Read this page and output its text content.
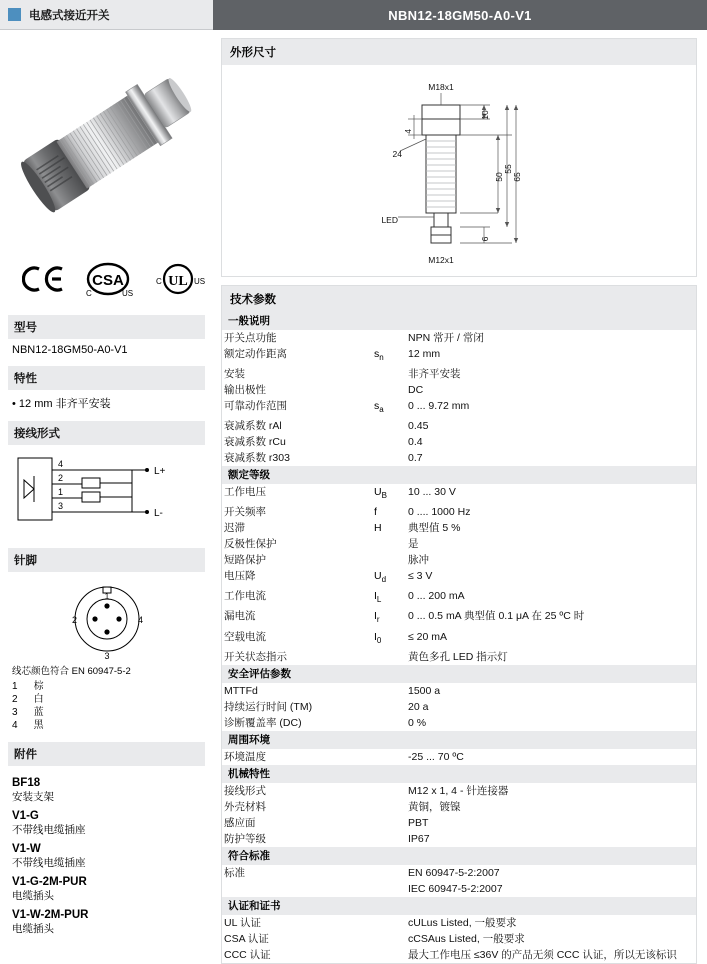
电感式接近开关	NBN12-18GM50-A0-V1
CSA
C	US
UL
C	US
型号
NBN12-18GM50-A0-V1
特性
• 12 mm 非齐平安装
接线形式
L+
L-
4
2
1
3
针脚
1
2	4
3
线芯颜色符合 EN 60947-5-2
1	棕
2	白
3	蓝
4	黑
附件
BF18
安装支架
V1-G
不带线电缆插座
V1-W
不带线电缆插座
V1-G-2M-PUR
电缆插头
V1-W-2M-PUR
电缆插头
外形尺寸
M18x1
M12x1
LED
10
4
24
50
55
65
6
技术参数
一般说明		
开关点功能		NPN 常开 / 常闭
额定动作距离	$s_n$	12 mm
安装		非齐平安装
输出极性		DC
可靠动作范围	$s_a$	0 ... 9.72 mm
衰减系数 rAl		0.45
衰减系数 rCu		0.4
衰减系数 r303		0.7
额定等级		
工作电压	$U_B$	10 ... 30 V
开关频率	f	0 .... 1000 Hz
迟滞	H	典型值 5 %
反极性保护		是
短路保护		脉冲
电压降	$U_d$	≤ 3 V
工作电流	$I_L$	0 ... 200 mA
漏电流	$I_r$	0 ... 0.5 mA 典型值 0.1 μA 在 25 ºC 时
空载电流	$I_0$	≤ 20 mA
开关状态指示		黄色多孔 LED 指示灯
安全评估参数		
MTTFd		1500 a
持续运行时间 (TM)		20 a
诊断覆盖率 (DC)		0 %
周围环境		
环境温度		-25 ... 70 ºC
机械特性		
接线形式		M12 x 1, 4 - 针连接器
外壳材料		黄铜，镀镍
感应面		PBT
防护等级		IP67
符合标准		
标准		EN 60947-5-2:2007
		IEC 60947-5-2:2007
认证和证书		
UL 认证		cULus Listed, 一般要求
CSA 认证		cCSAus Listed, 一般要求
CCC 认证		最大工作电压 ≤36V 的产品无须 CCC 认证，所以无该标识
